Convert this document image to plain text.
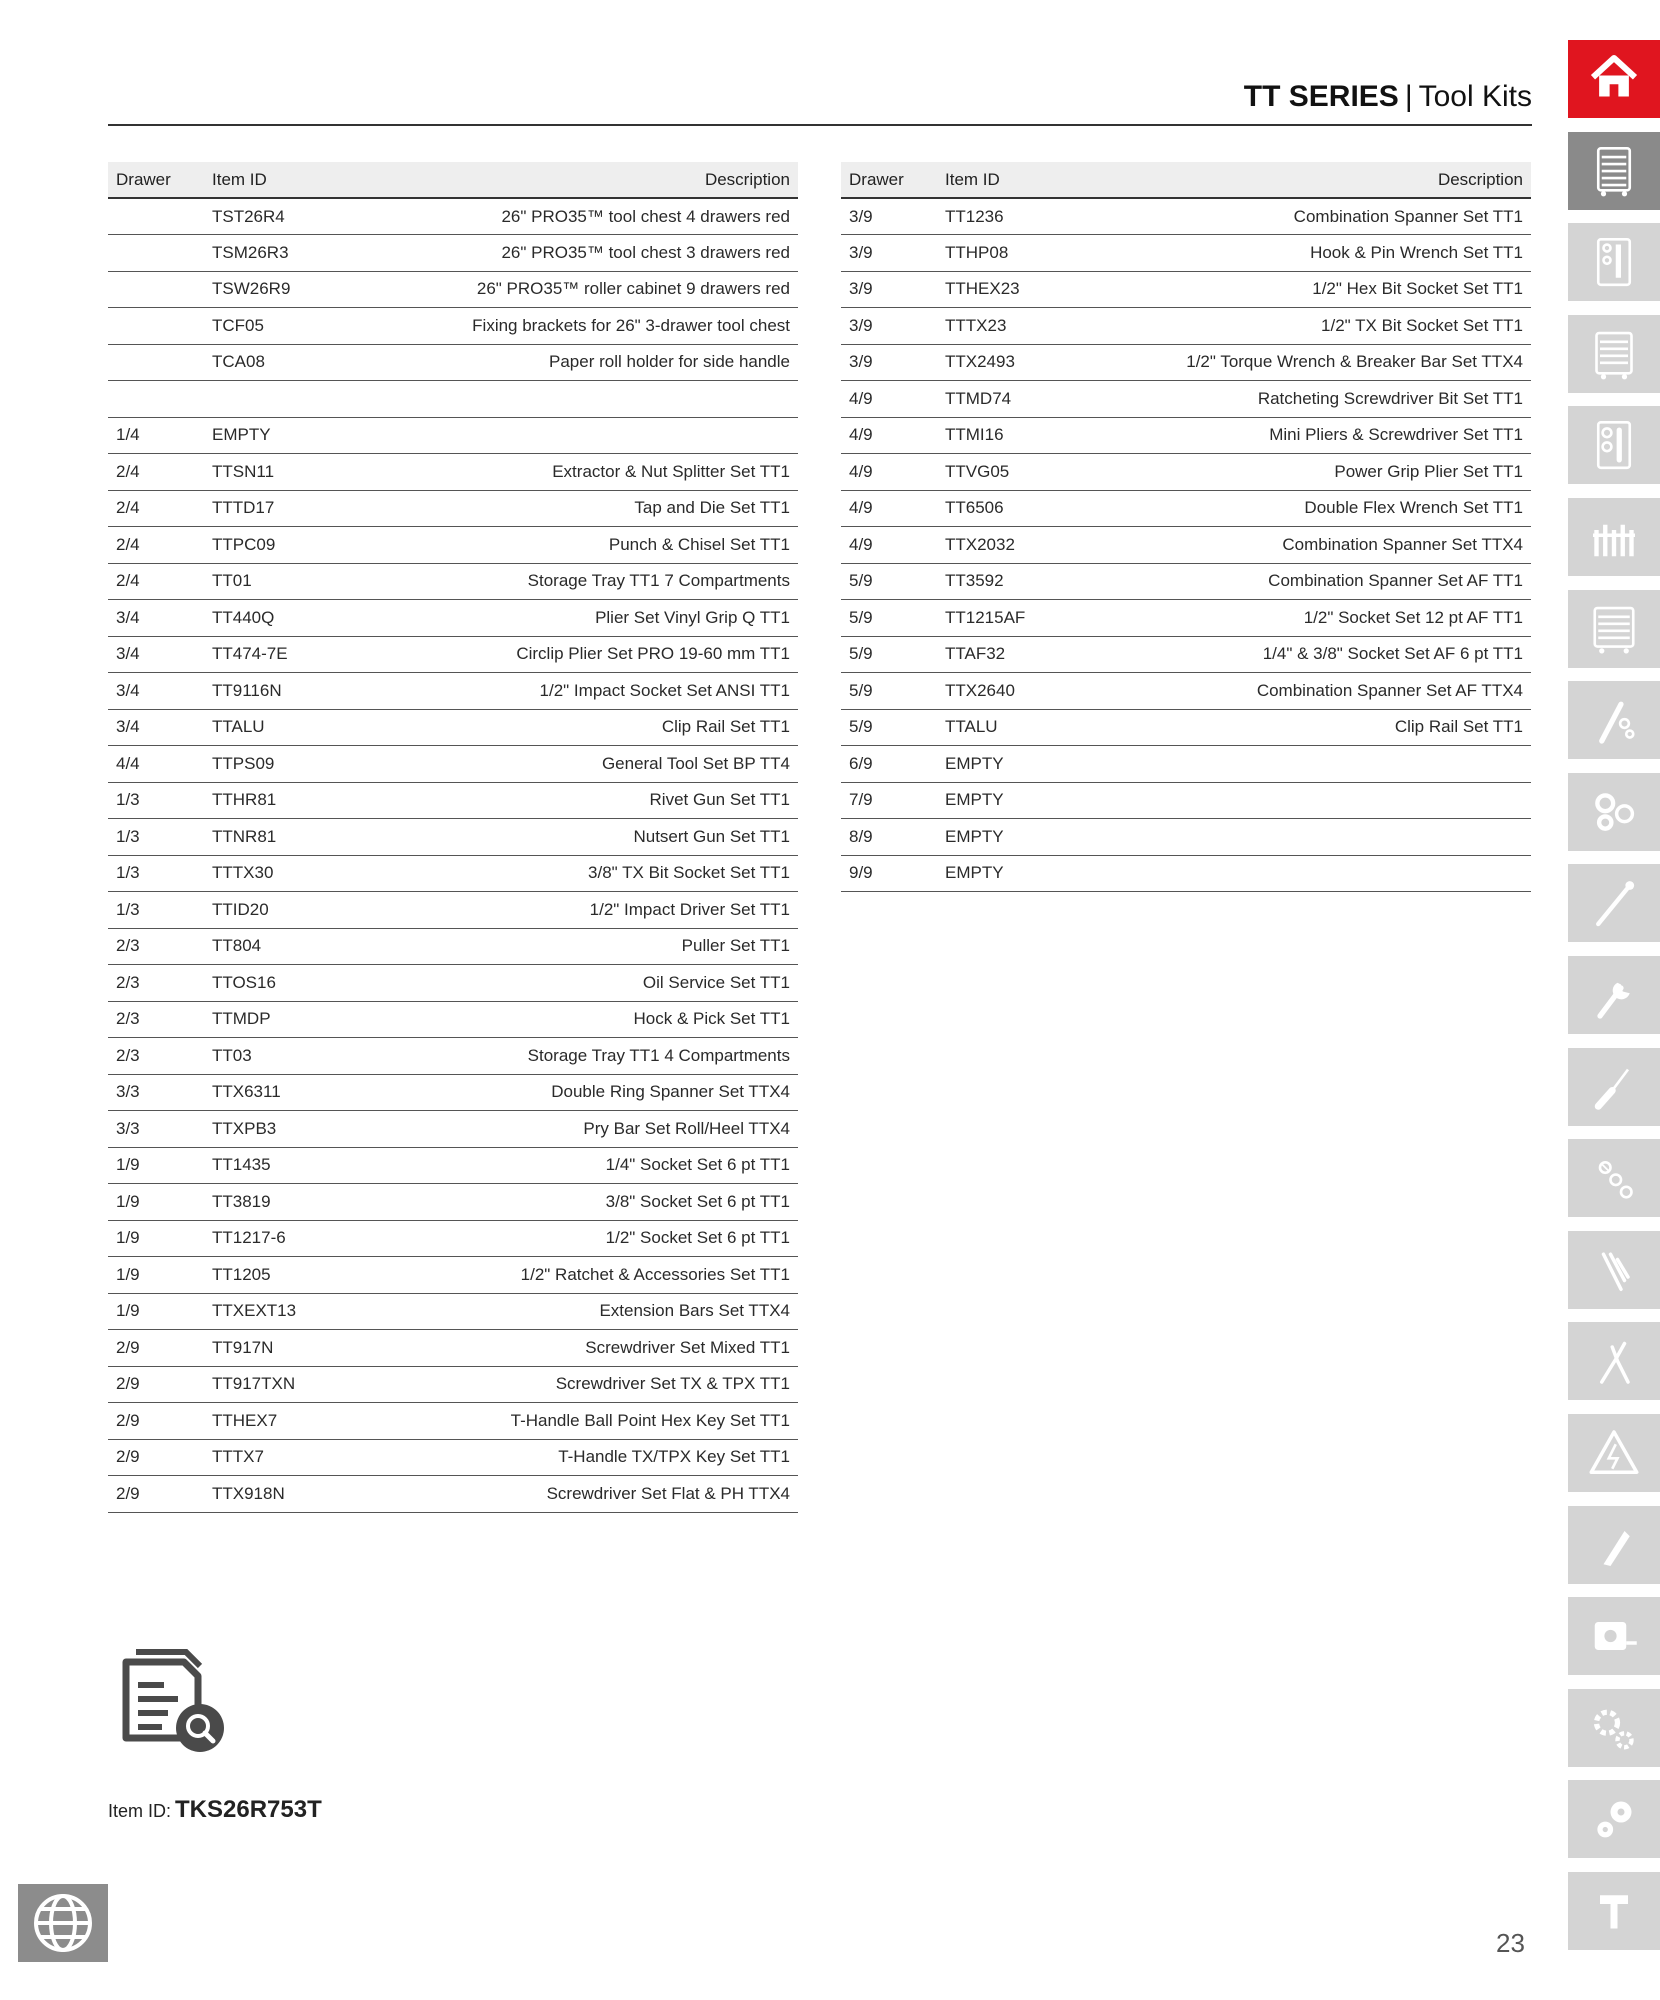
TT SERIES | Tool Kits
Drawer	Item ID	Description
	TST26R4	26" PRO35™ tool chest 4 drawers red
	TSM26R3	26" PRO35™ tool chest 3 drawers red
	TSW26R9	26" PRO35™ roller cabinet 9 drawers red
	TCF05	Fixing brackets for 26" 3-drawer tool chest
	TCA08	Paper roll holder for side handle

1/4	EMPTY	
2/4	TTSN11	Extractor & Nut Splitter Set TT1
2/4	TTTD17	Tap and Die Set TT1
2/4	TTPC09	Punch & Chisel Set TT1
2/4	TT01	Storage Tray TT1 7 Compartments
3/4	TT440Q	Plier Set Vinyl Grip Q TT1
3/4	TT474-7E	Circlip Plier Set PRO 19-60 mm TT1
3/4	TT9116N	1/2" Impact Socket Set ANSI TT1
3/4	TTALU	Clip Rail Set TT1
4/4	TTPS09	General Tool Set BP TT4
1/3	TTHR81	Rivet Gun Set TT1
1/3	TTNR81	Nutsert Gun Set TT1
1/3	TTTX30	3/8" TX Bit Socket Set TT1
1/3	TTID20	1/2" Impact Driver Set TT1
2/3	TT804	Puller Set TT1
2/3	TTOS16	Oil Service Set TT1
2/3	TTMDP	Hock & Pick Set TT1
2/3	TT03	Storage Tray TT1 4 Compartments
3/3	TTX6311	Double Ring Spanner Set TTX4
3/3	TTXPB3	Pry Bar Set Roll/Heel TTX4
1/9	TT1435	1/4" Socket Set 6 pt TT1
1/9	TT3819	3/8" Socket Set 6 pt TT1
1/9	TT1217-6	1/2" Socket Set 6 pt TT1
1/9	TT1205	1/2" Ratchet & Accessories Set TT1
1/9	TTXEXT13	Extension Bars Set TTX4
2/9	TT917N	Screwdriver Set Mixed TT1
2/9	TT917TXN	Screwdriver Set TX & TPX TT1
2/9	TTHEX7	T-Handle Ball Point Hex Key Set TT1
2/9	TTTX7	T-Handle TX/TPX Key Set TT1
2/9	TTX918N	Screwdriver Set Flat & PH TTX4
Drawer	Item ID	Description
3/9	TT1236	Combination Spanner Set TT1
3/9	TTHP08	Hook & Pin Wrench Set TT1
3/9	TTHEX23	1/2" Hex Bit Socket Set TT1
3/9	TTTX23	1/2" TX Bit Socket Set TT1
3/9	TTX2493	1/2" Torque Wrench & Breaker Bar Set TTX4
4/9	TTMD74	Ratcheting Screwdriver Bit Set TT1
4/9	TTMI16	Mini Pliers & Screwdriver Set TT1
4/9	TTVG05	Power Grip Plier Set TT1
4/9	TT6506	Double Flex Wrench Set TT1
4/9	TTX2032	Combination Spanner Set TTX4
5/9	TT3592	Combination Spanner Set AF TT1
5/9	TT1215AF	1/2" Socket Set 12 pt AF TT1
5/9	TTAF32	1/4" & 3/8" Socket Set AF 6 pt TT1
5/9	TTX2640	Combination Spanner Set AF TTX4
5/9	TTALU	Clip Rail Set TT1
6/9	EMPTY	
7/9	EMPTY	
8/9	EMPTY	
9/9	EMPTY	
Item ID: TKS26R753T
23
